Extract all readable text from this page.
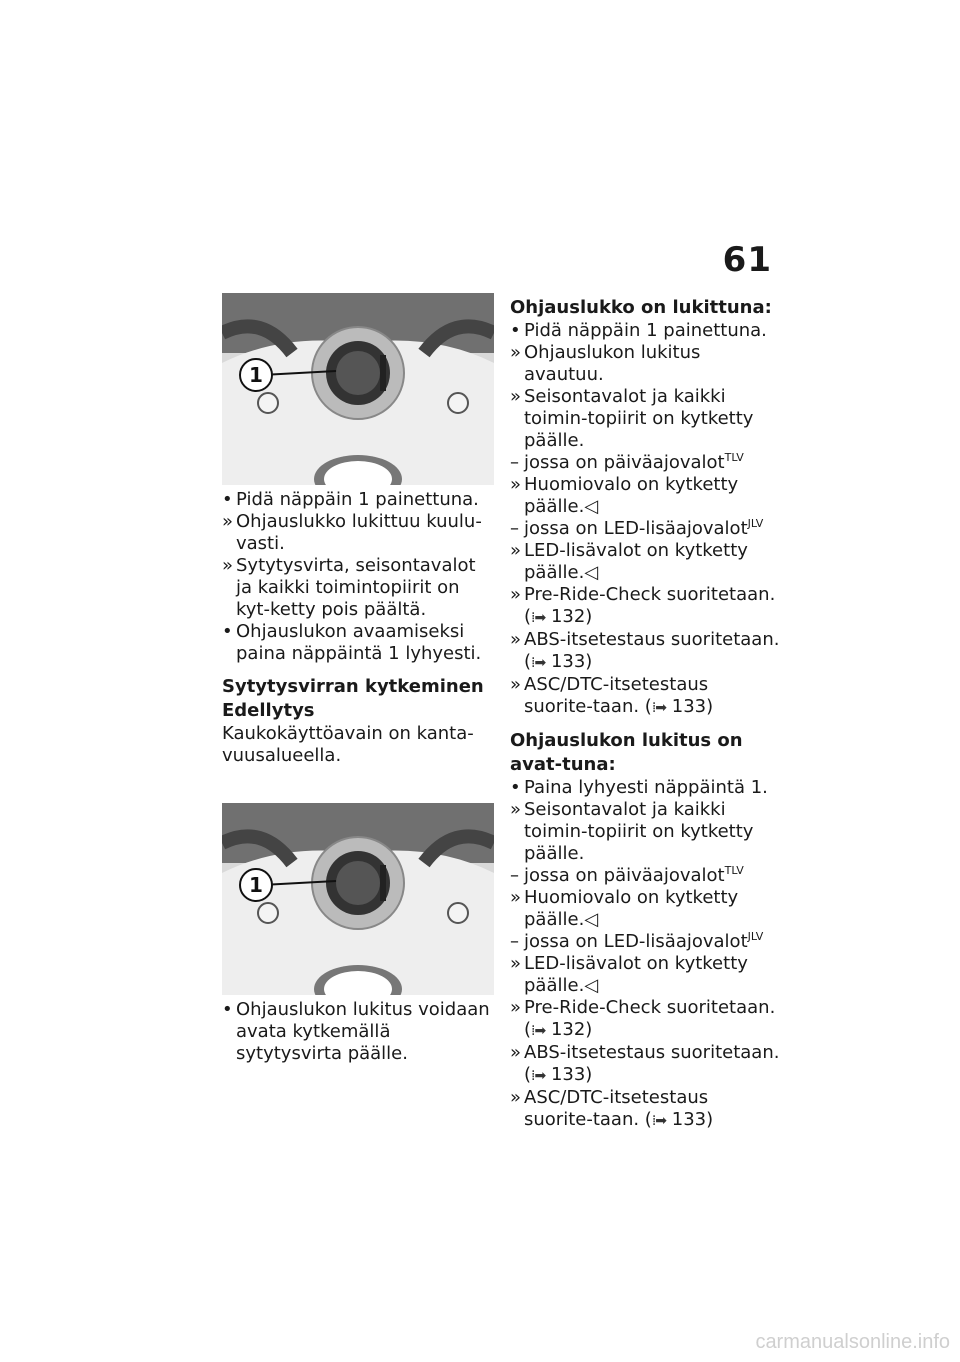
61
1
• Pidä näppäin 1 painettuna.
» Ohjauslukko lukittuu kuulu-vasti.
» Sytytysvirta, seisontavalot ja kaikki toimintopiirit on kyt-ketty pois päältä.
• Ohjauslukon avaamiseksi paina näppäintä 1 lyhyesti.
Sytytysvirran kytkeminen
Edellytys
Kaukokäyttöavain on kanta-vuusalueella.
1
• Ohjauslukon lukitus voidaan avata kytkemällä sytytysvirta päälle.
Ohjauslukko on lukittuna:
• Pidä näppäin 1 painettuna.
» Ohjauslukon lukitus avautuu.
» Seisontavalot ja kaikki toimin-topiirit on kytketty päälle.
– jossa on päiväajovalot$^{TLV}$
» Huomiovalo on kytketty päälle.◁
– jossa on LED-lisäajovalot$^{JLV}$
» LED-lisävalot on kytketty päälle.◁
» Pre-Ride-Check suoritetaan.
(⁞➡ 132)
» ABS-itsetestaus suoritetaan.
(⁞➡ 133)
» ASC/DTC-itsetestaus suorite-taan. (⁞➡ 133)
Ohjauslukon lukitus on avat-tuna:
• Paina lyhyesti näppäintä 1.
» Seisontavalot ja kaikki toimin-topiirit on kytketty päälle.
– jossa on päiväajovalot$^{TLV}$
» Huomiovalo on kytketty päälle.◁
– jossa on LED-lisäajovalot$^{JLV}$
» LED-lisävalot on kytketty päälle.◁
» Pre-Ride-Check suoritetaan.
(⁞➡ 132)
» ABS-itsetestaus suoritetaan.
(⁞➡ 133)
» ASC/DTC-itsetestaus suorite-taan. (⁞➡ 133)
carmanualsonline.info
